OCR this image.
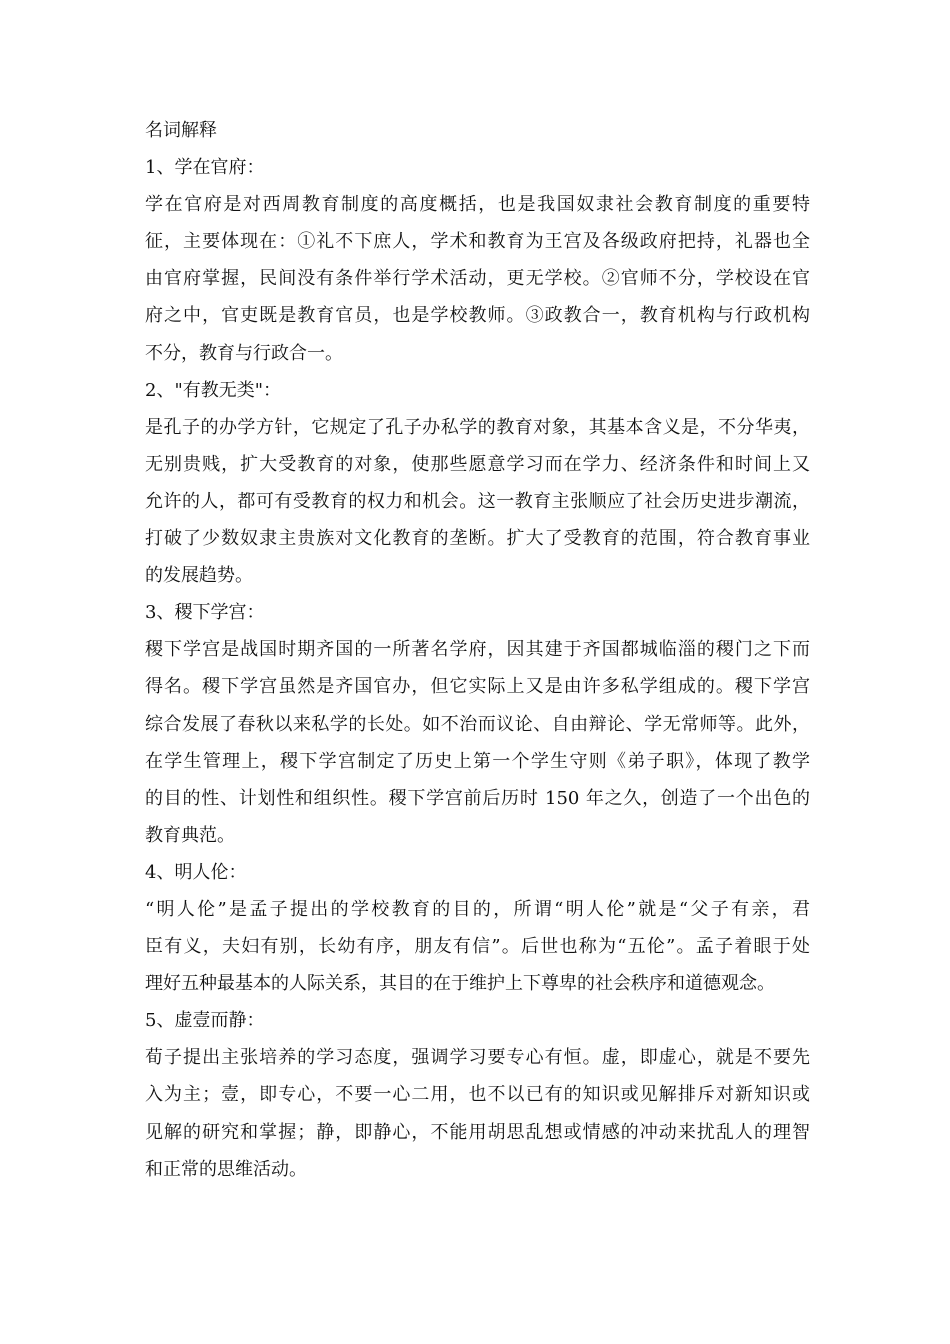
名词解释

1、学在官府：

学在官府是对西周教育制度的高度概括，也是我国奴隶社会教育制度的重要特

征，主要体现在：①礼不下庶人，学术和教育为王宫及各级政府把持，礼器也全

由官府掌握，民间没有条件举行学术活动，更无学校。②官师不分，学校设在官

府之中，官吏既是教育官员，也是学校教师。③政教合一，教育机构与行政机构

不分，教育与行政合一。

2、"有教无类"：

是孔子的办学方针，它规定了孔子办私学的教育对象，其基本含义是，不分华夷，

无别贵贱，扩大受教育的对象，使那些愿意学习而在学力、经济条件和时间上又

允许的人，都可有受教育的权力和机会。这一教育主张顺应了社会历史进步潮流，

打破了少数奴隶主贵族对文化教育的垄断。扩大了受教育的范围，符合教育事业

的发展趋势。

3、稷下学宫：

稷下学宫是战国时期齐国的一所著名学府，因其建于齐国都城临淄的稷门之下而

得名。稷下学宫虽然是齐国官办，但它实际上又是由许多私学组成的。稷下学宫

综合发展了春秋以来私学的长处。如不治而议论、自由辩论、学无常师等。此外，

在学生管理上，稷下学宫制定了历史上第一个学生守则《弟子职》，体现了教学

的目的性、计划性和组织性。稷下学宫前后历时 150 年之久，创造了一个出色的

教育典范。

4、明人伦：

“明人伦”是孟子提出的学校教育的目的，所谓“明人伦”就是“父子有亲，君

臣有义，夫妇有别，长幼有序，朋友有信”。后世也称为“五伦”。孟子着眼于处

理好五种最基本的人际关系，其目的在于维护上下尊卑的社会秩序和道德观念。

5、虚壹而静：

荀子提出主张培养的学习态度，强调学习要专心有恒。虚，即虚心，就是不要先

入为主；壹，即专心，不要一心二用，也不以已有的知识或见解排斥对新知识或

见解的研究和掌握；静，即静心，不能用胡思乱想或情感的冲动来扰乱人的理智

和正常的思维活动。
